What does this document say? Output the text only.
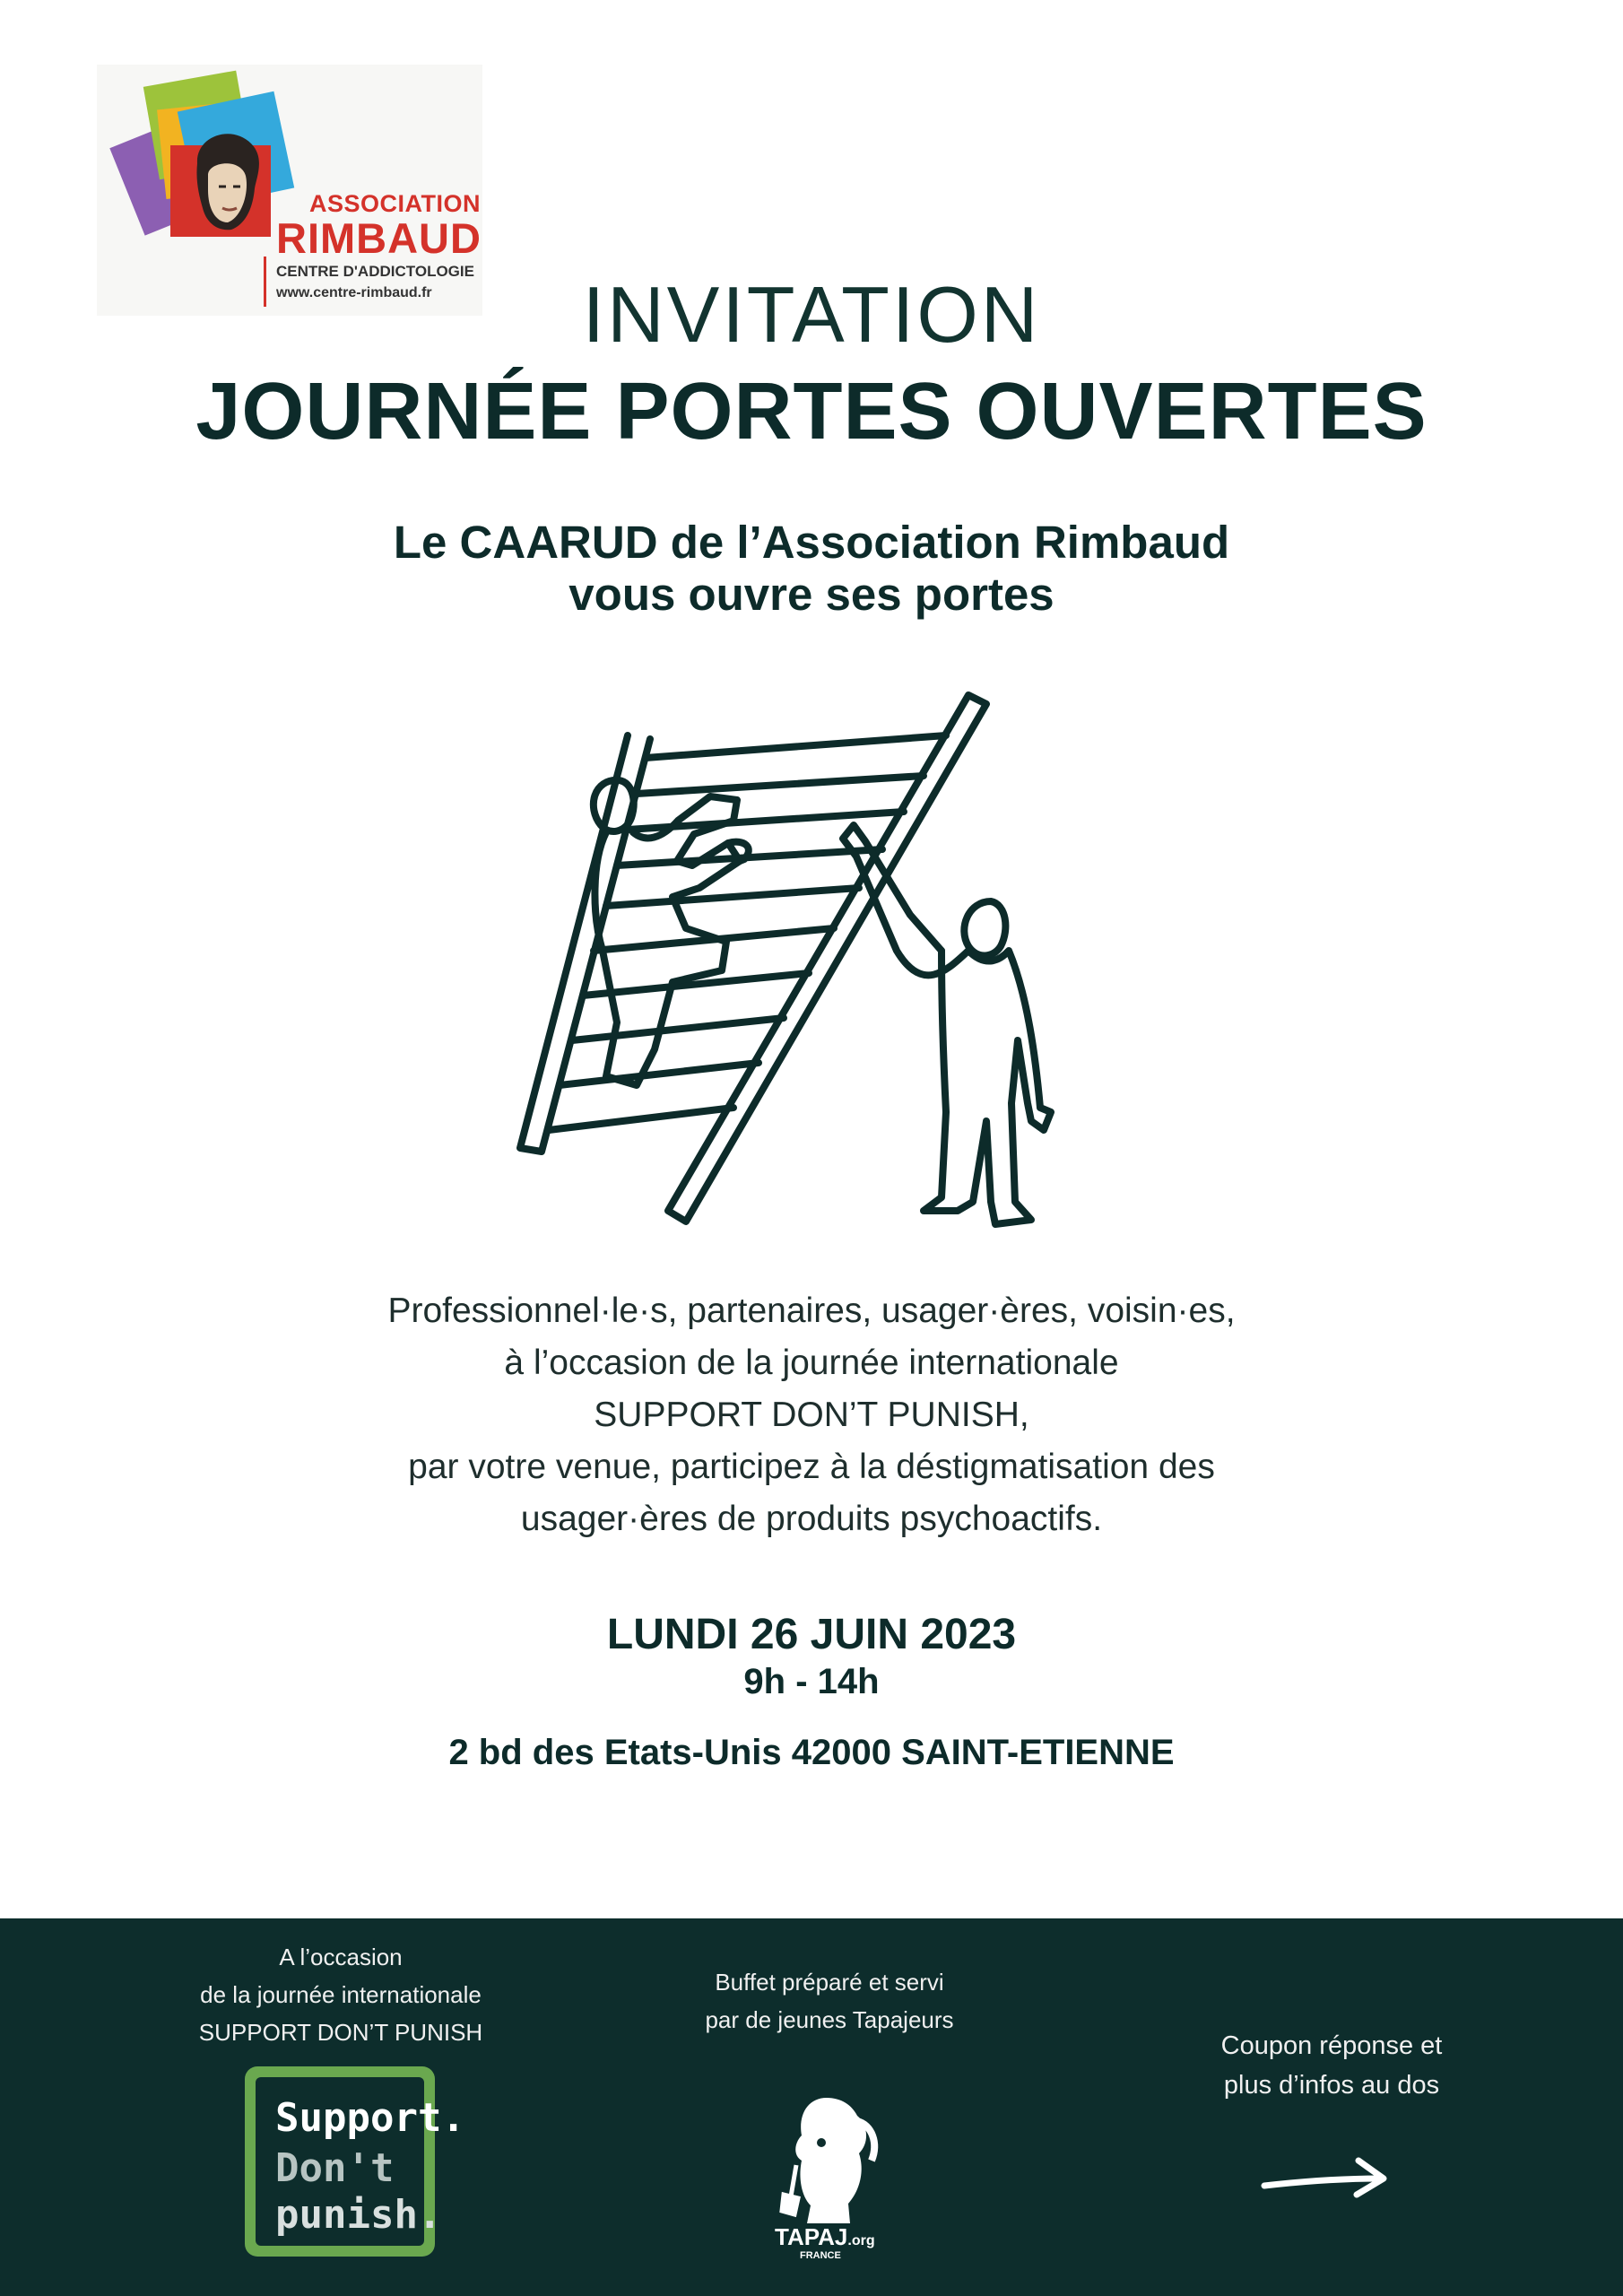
ASSOCIATION
RIMBAUD
CENTRE D'ADDICTOLOGIE
www.centre-rimbaud.fr	INVITATION
JOURNÉE PORTES OUVERTES
Le CAARUD de l’Association Rimbaud
vous ouvre ses portes
Professionnel·le·s, partenaires, usager·ères, voisin·es,
à l’occasion de la journée internationale
SUPPORT DON’T PUNISH,
par votre venue, participez à la déstigmatisation des
usager·ères de produits psychoactifs.
LUNDI 26 JUIN 2023
9h - 14h
2 bd des Etats-Unis 42000 SAINT-ETIENNE
A l’occasion
de la journée internationale
SUPPORT DON’T PUNISH
Support.
Don't
punish.
Buffet préparé et servi
par de jeunes Tapajeurs
TAPAJ.org
FRANCE
Coupon réponse et
plus d’infos au dos
